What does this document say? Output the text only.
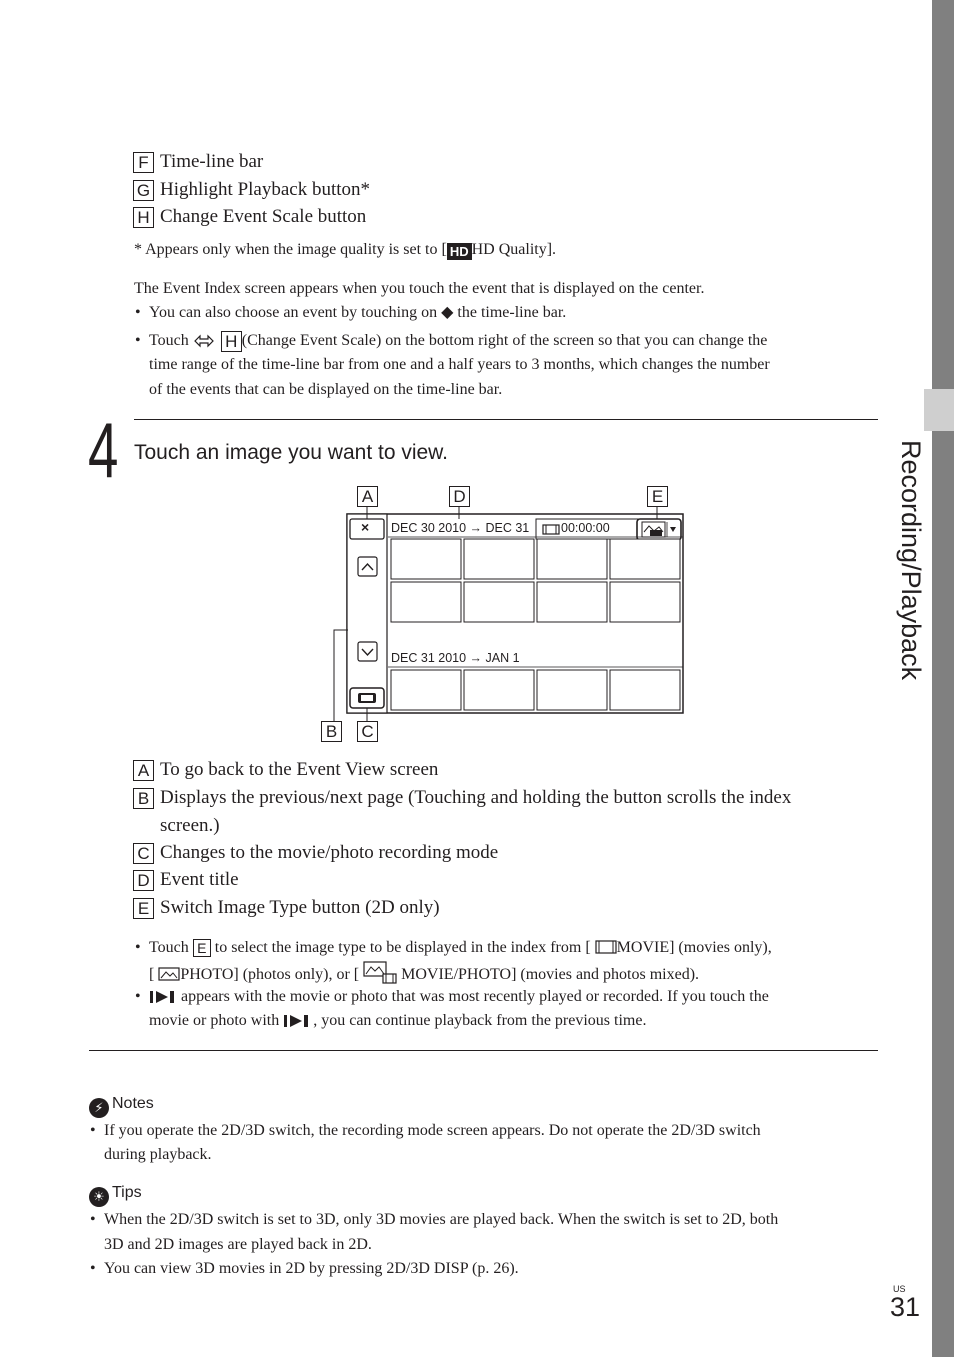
Recording/Playback
F Time-line bar
G Highlight Playback button*
H Change Event Scale button
* Appears only when the image quality is set to [ HD HD Quality].
The Event Index screen appears when you touch the event that is displayed on the center.
• You can also choose an event by touching on ◆ the time-line bar.
• Touch  H (Change Event Scale) on the bottom right of the screen so that you can change the
time range of the time-line bar from one and a half years to 3 months, which changes the number
of the events that can be displayed on the time-line bar.
4 Touch an image you want to view.
A	D	E
B C
× DEC 30 2010 → DEC 31	00:00:00
DEC 31 2010 → JAN 1
A To go back to the Event View screen
B Displays the previous/next page (Touching and holding the button scrolls the index
screen.)
C Changes to the movie/photo recording mode
D Event title
E Switch Image Type button (2D only)
• Touch E to select the image type to be displayed in the index from [ MOVIE] (movies only),
[ PHOTO] (photos only), or [  MOVIE/PHOTO] (movies and photos mixed).
• appears with the movie or photo that was most recently played or recorded. If you touch the
movie or photo with , you can continue playback from the previous time.
⚡ Notes
• If you operate the 2D/3D switch, the recording mode screen appears. Do not operate the 2D/3D switch
during playback.
☀ Tips
• When the 2D/3D switch is set to 3D, only 3D movies are played back. When the switch is set to 2D, both
3D and 2D images are played back in 2D.
• You can view 3D movies in 2D by pressing 2D/3D DISP (p. 26).
US
31
